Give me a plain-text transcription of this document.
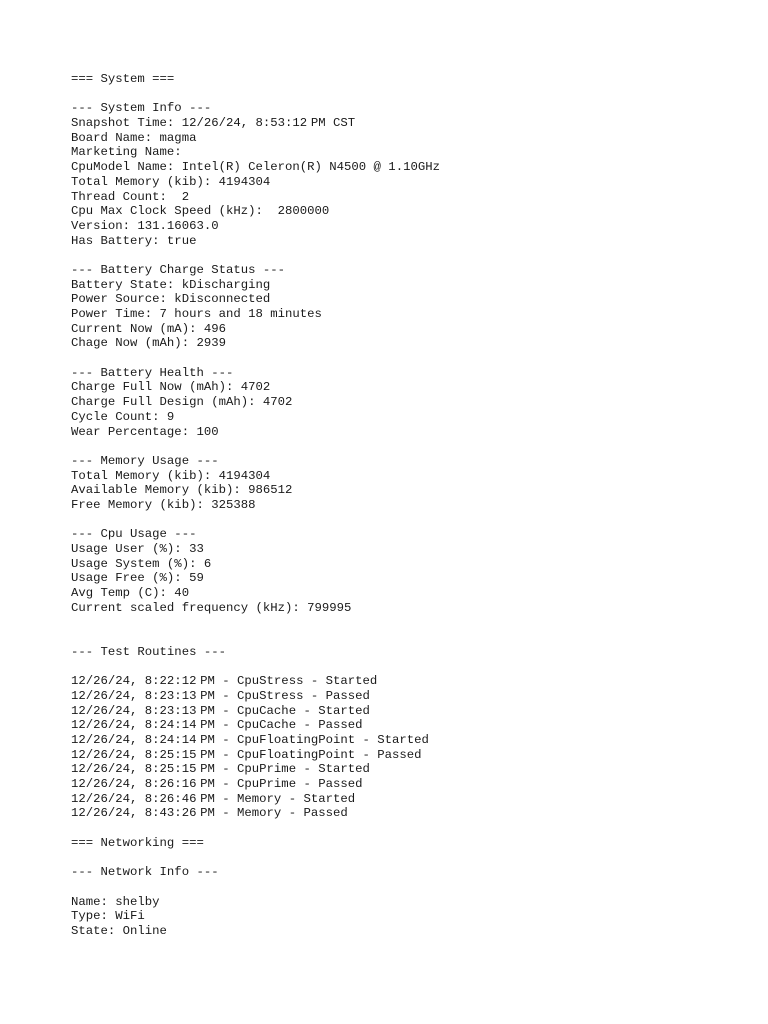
=== System ===
--- System Info ---
Snapshot Time: 12/26/24, 8:53:12 PM CST
Board Name: magma
Marketing Name:
CpuModel Name: Intel(R) Celeron(R) N4500 @ 1.10GHz
Total Memory (kib): 4194304
Thread Count:  2
Cpu Max Clock Speed (kHz):  2800000
Version: 131.16063.0
Has Battery: true
--- Battery Charge Status ---
Battery State: kDischarging
Power Source: kDisconnected
Power Time: 7 hours and 18 minutes
Current Now (mA): 496
Chage Now (mAh): 2939
--- Battery Health ---
Charge Full Now (mAh): 4702
Charge Full Design (mAh): 4702
Cycle Count: 9
Wear Percentage: 100
--- Memory Usage ---
Total Memory (kib): 4194304
Available Memory (kib): 986512
Free Memory (kib): 325388
--- Cpu Usage ---
Usage User (%): 33
Usage System (%): 6
Usage Free (%): 59
Avg Temp (C): 40
Current scaled frequency (kHz): 799995
--- Test Routines ---
12/26/24, 8:22:12 PM - CpuStress - Started
12/26/24, 8:23:13 PM - CpuStress - Passed
12/26/24, 8:23:13 PM - CpuCache - Started
12/26/24, 8:24:14 PM - CpuCache - Passed
12/26/24, 8:24:14 PM - CpuFloatingPoint - Started
12/26/24, 8:25:15 PM - CpuFloatingPoint - Passed
12/26/24, 8:25:15 PM - CpuPrime - Started
12/26/24, 8:26:16 PM - CpuPrime - Passed
12/26/24, 8:26:46 PM - Memory - Started
12/26/24, 8:43:26 PM - Memory - Passed
=== Networking ===
--- Network Info ---
Name: shelby
Type: WiFi
State: Online
